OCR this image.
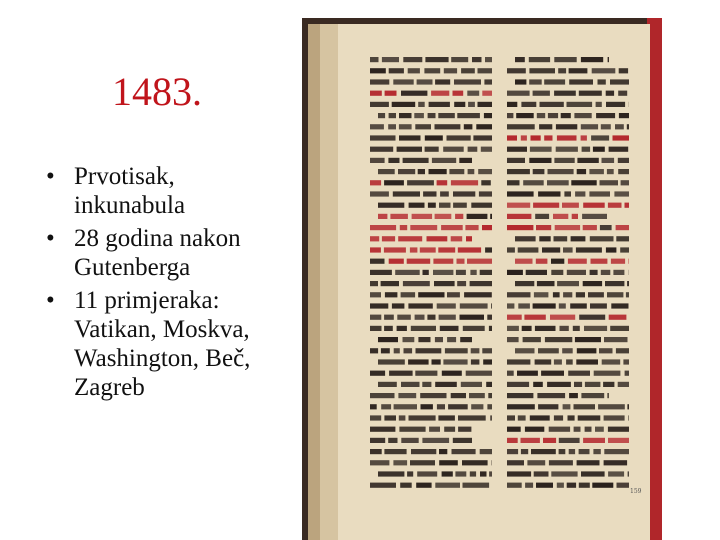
1483.
• Prvotisak, inkunabula
• 28 godina nakon Gutenberga
• 11 primjeraka: Vatikan, Moskva, Washington, Beč, Zagreb
159
